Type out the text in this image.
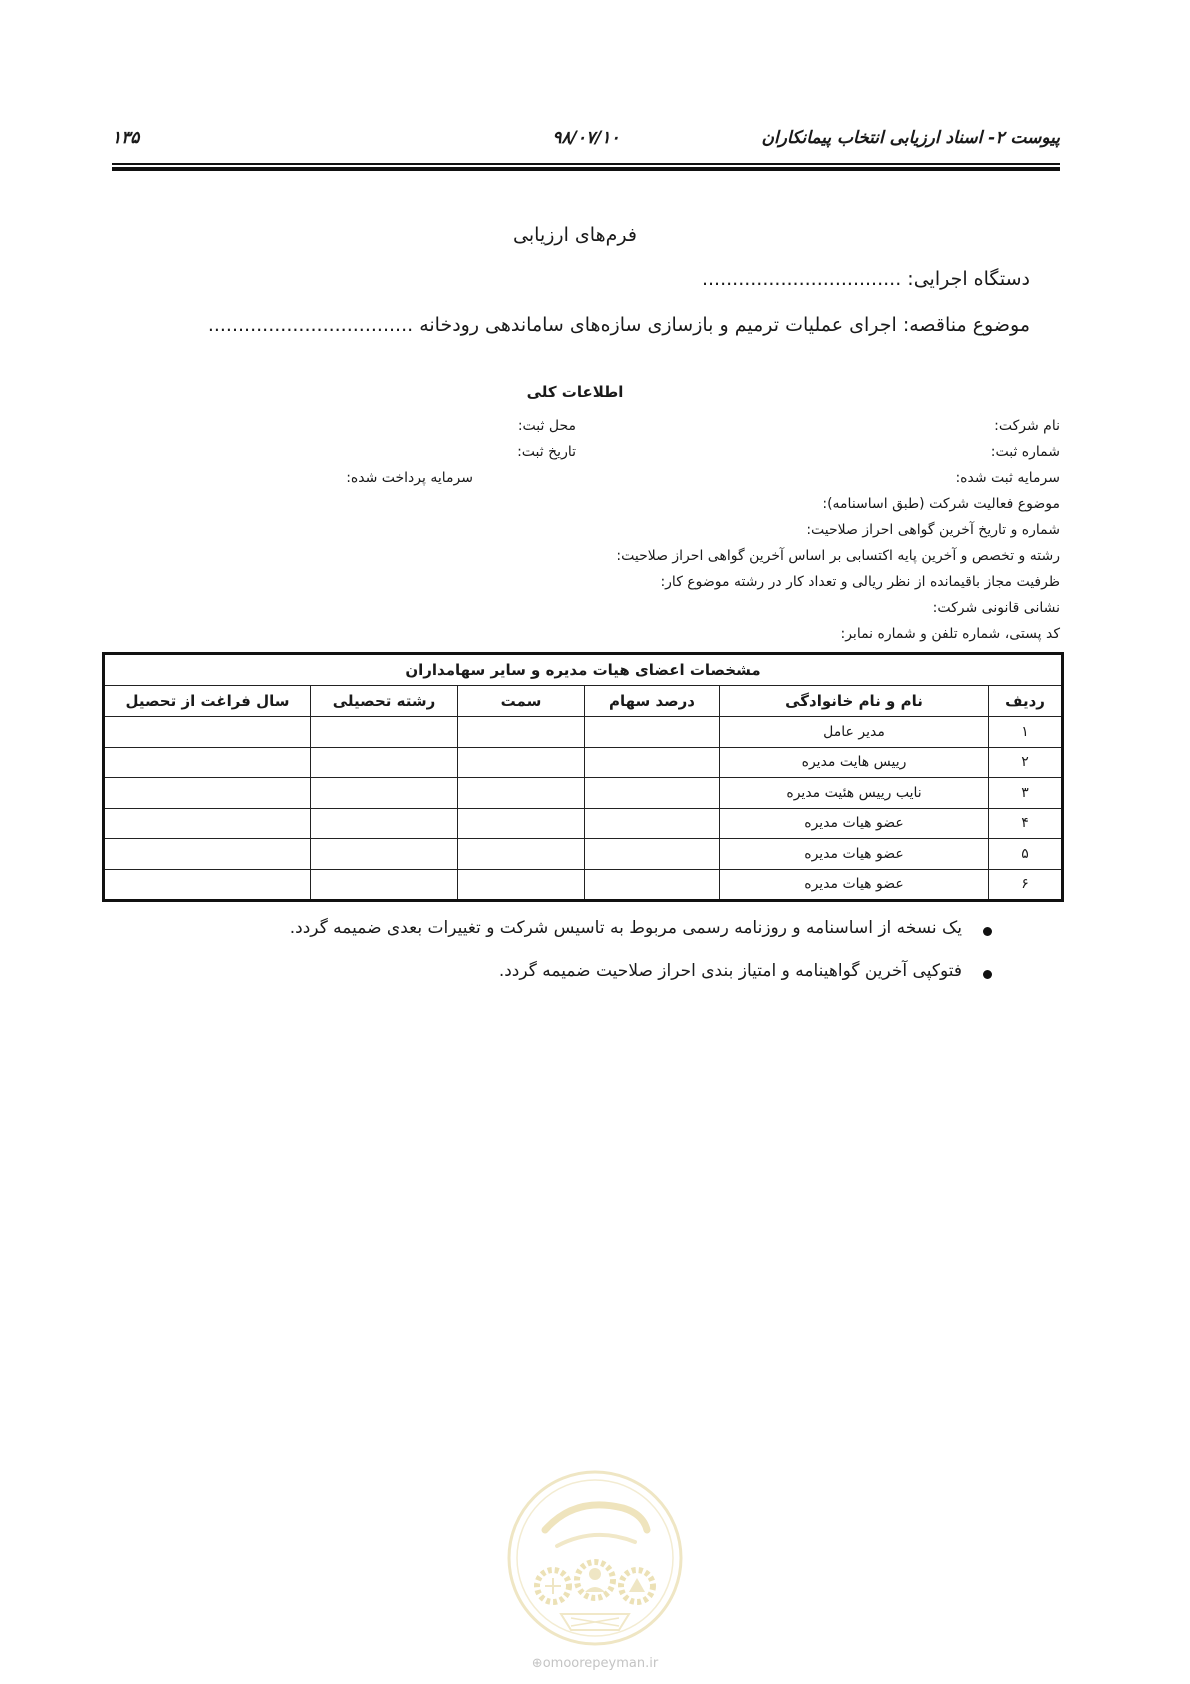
پیوست ۲- اسناد ارزیابی انتخاب پیمانکاران
۹۸/۰۷/۱۰
۱۳۵
فرم‌های ارزیابی
دستگاه اجرایی: .................................
موضوع مناقصه: اجرای عملیات ترمیم و بازسازی سازه‌های ساماندهی رودخانه ..................................
اطلاعات کلی
نام شرکت:
محل ثبت:
شماره ثبت:
تاریخ ثبت:
سرمایه ثبت شده:
سرمایه پرداخت شده:
موضوع فعالیت شرکت (طبق اساسنامه):
شماره و تاریخ آخرین گواهی احراز صلاحیت:
رشته و تخصص و آخرین پایه اکتسابی بر اساس آخرین گواهی احراز صلاحیت:
ظرفیت مجاز باقیمانده از نظر ریالی و تعداد کار در رشته موضوع کار:
نشانی قانونی شرکت:
کد پستی، شماره تلفن و شماره نمابر:
مشخصات اعضای هیات مدیره و سایر سهامداران					
ردیف	نام و نام خانوادگی	درصد سهام	سمت	رشته تحصیلی	سال فراغت از تحصیل
۱	مدیر عامل				
۲	رییس هایت مدیره				
۳	نایب رییس هئیت مدیره				
۴	عضو هیات مدیره				
۵	عضو هیات مدیره				
۶	عضو هیات مدیره				
یک نسخه از اساسنامه و روزنامه رسمی مربوط به تاسیس شرکت و تغییرات بعدی ضمیمه گردد.
فتوکپی آخرین گواهینامه و امتیاز بندی احراز صلاحیت ضمیمه گردد.
⊕omoorepeyman.ir
